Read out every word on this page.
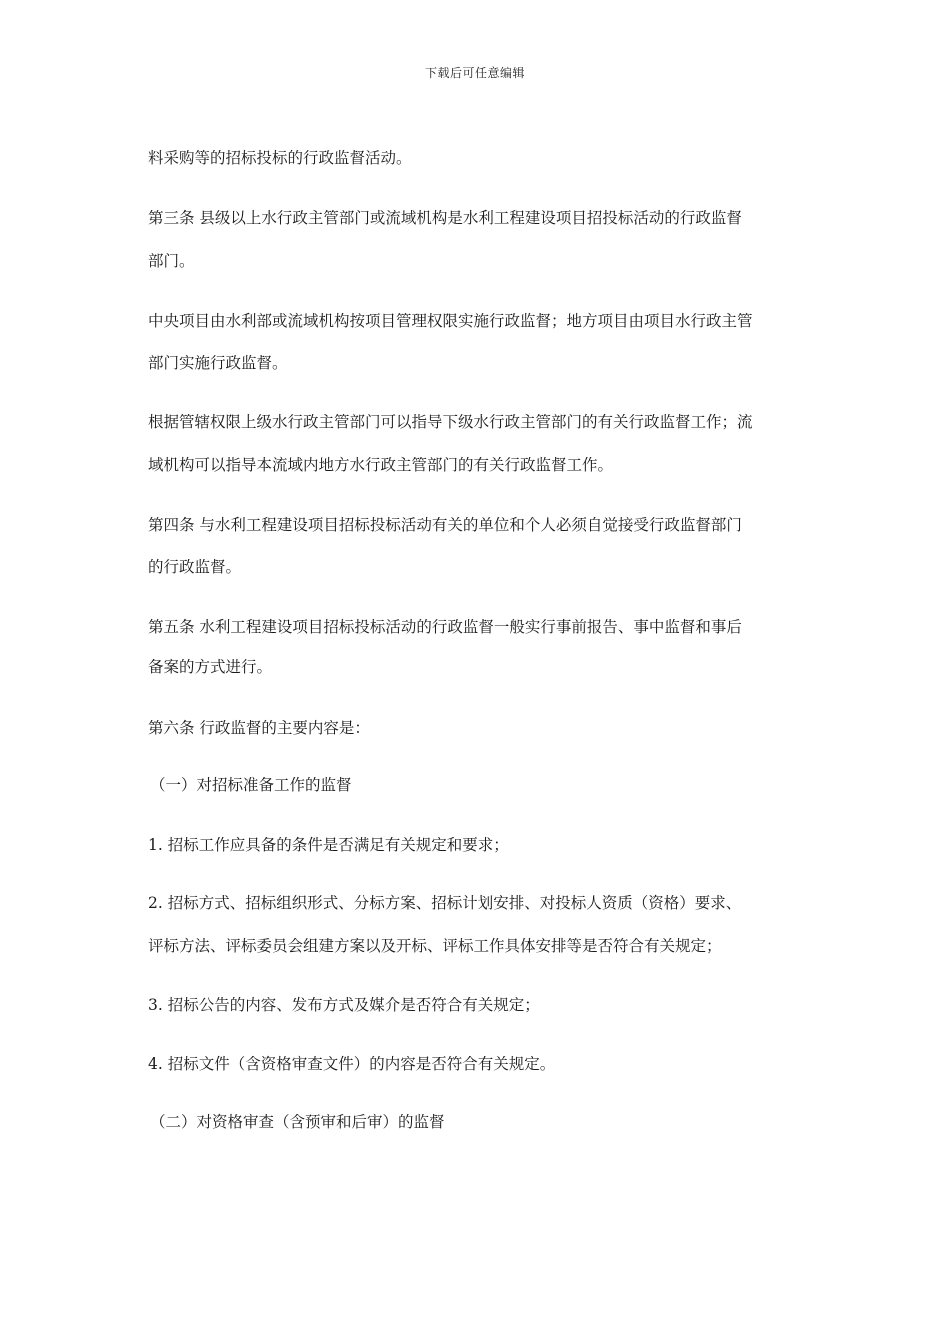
下载后可任意编辑
料采购等的招标投标的行政监督活动。
第三条 县级以上水行政主管部门或流域机构是水利工程建设项目招投标活动的行政监督
部门。
中央项目由水利部或流域机构按项目管理权限实施行政监督；地方项目由项目水行政主管
部门实施行政监督。
根据管辖权限上级水行政主管部门可以指导下级水行政主管部门的有关行政监督工作；流
域机构可以指导本流域内地方水行政主管部门的有关行政监督工作。
第四条 与水利工程建设项目招标投标活动有关的单位和个人必须自觉接受行政监督部门
的行政监督。
第五条 水利工程建设项目招标投标活动的行政监督一般实行事前报告、事中监督和事后
备案的方式进行。
第六条 行政监督的主要内容是：
（一）对招标准备工作的监督
1. 招标工作应具备的条件是否满足有关规定和要求；
2. 招标方式、招标组织形式、分标方案、招标计划安排、对投标人资质（资格）要求、
评标方法、评标委员会组建方案以及开标、评标工作具体安排等是否符合有关规定；
3. 招标公告的内容、发布方式及媒介是否符合有关规定；
4. 招标文件（含资格审查文件）的内容是否符合有关规定。
（二）对资格审查（含预审和后审）的监督
